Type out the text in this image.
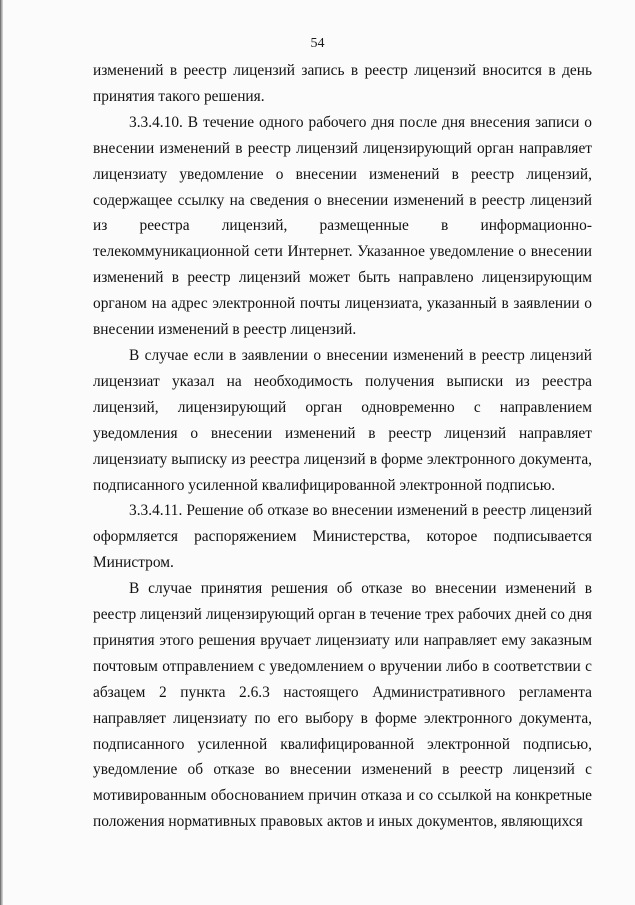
54

изменений в реестр лицензий запись в реестр лицензий вносится в день принятия такого решения.

3.3.4.10. В течение одного рабочего дня после дня внесения записи о внесении изменений в реестр лицензий лицензирующий орган направляет лицензиату уведомление о внесении изменений в реестр лицензий, содержащее ссылку на сведения о внесении изменений в реестр лицензий из реестра лицензий, размещенные в информационно-телекоммуникационной сети Интернет. Указанное уведомление о внесении изменений в реестр лицензий может быть направлено лицензирующим органом на адрес электронной почты лицензиата, указанный в заявлении о внесении изменений в реестр лицензий.

В случае если в заявлении о внесении изменений в реестр лицензий лицензиат указал на необходимость получения выписки из реестра лицензий, лицензирующий орган одновременно с направлением уведомления о внесении изменений в реестр лицензий направляет лицензиату выписку из реестра лицензий в форме электронного документа, подписанного усиленной квалифицированной электронной подписью.

3.3.4.11. Решение об отказе во внесении изменений в реестр лицензий оформляется распоряжением Министерства, которое подписывается Министром.

В случае принятия решения об отказе во внесении изменений в реестр лицензий лицензирующий орган в течение трех рабочих дней со дня принятия этого решения вручает лицензиату или направляет ему заказным почтовым отправлением с уведомлением о вручении либо в соответствии с абзацем 2 пункта 2.6.3 настоящего Административного регламента направляет лицензиату по его выбору в форме электронного документа, подписанного усиленной квалифицированной электронной подписью, уведомление об отказе во внесении изменений в реестр лицензий с мотивированным обоснованием причин отказа и со ссылкой на конкретные положения нормативных правовых актов и иных документов, являющихся
